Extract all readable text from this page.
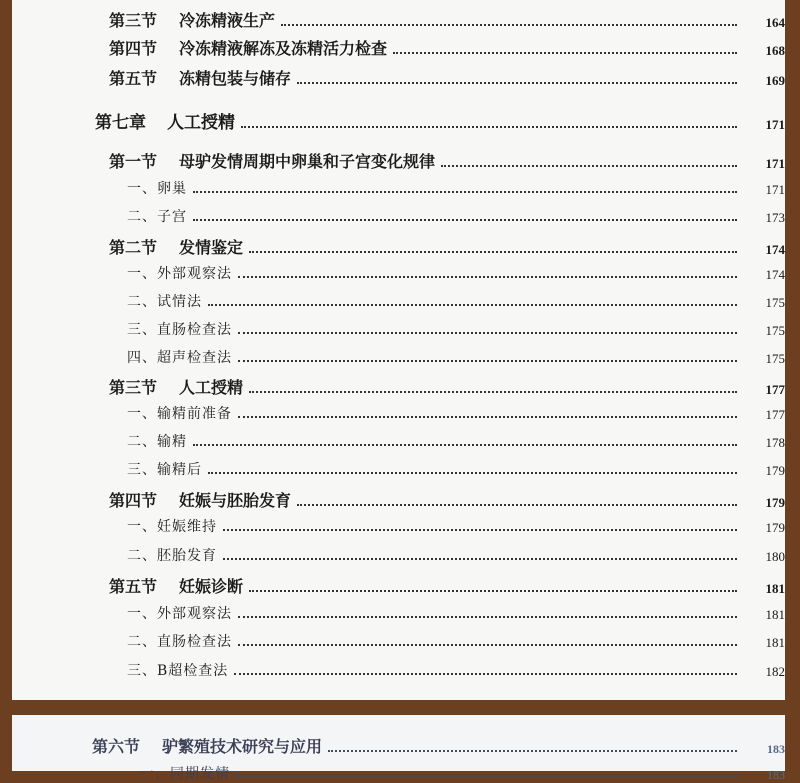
第三节 冷冻精液生产	164
第四节 冷冻精液解冻及冻精活力检查	168
第五节 冻精包装与储存	169
第七章 人工授精	171
第一节 母驴发情周期中卵巢和子宫变化规律	171
一、卵巢	171
二、子宫	173
第二节 发情鉴定	174
一、外部观察法	174
二、试情法	175
三、直肠检查法	175
四、超声检查法	175
第三节 人工授精	177
一、输精前准备	177
二、输精	178
三、输精后	179
第四节 妊娠与胚胎发育	179
一、妊娠维持	179
二、胚胎发育	180
第五节 妊娠诊断	181
一、外部观察法	181
二、直肠检查法	181
三、B超检查法	182
第六节 驴繁殖技术研究与应用	183
一、同期发情	183
